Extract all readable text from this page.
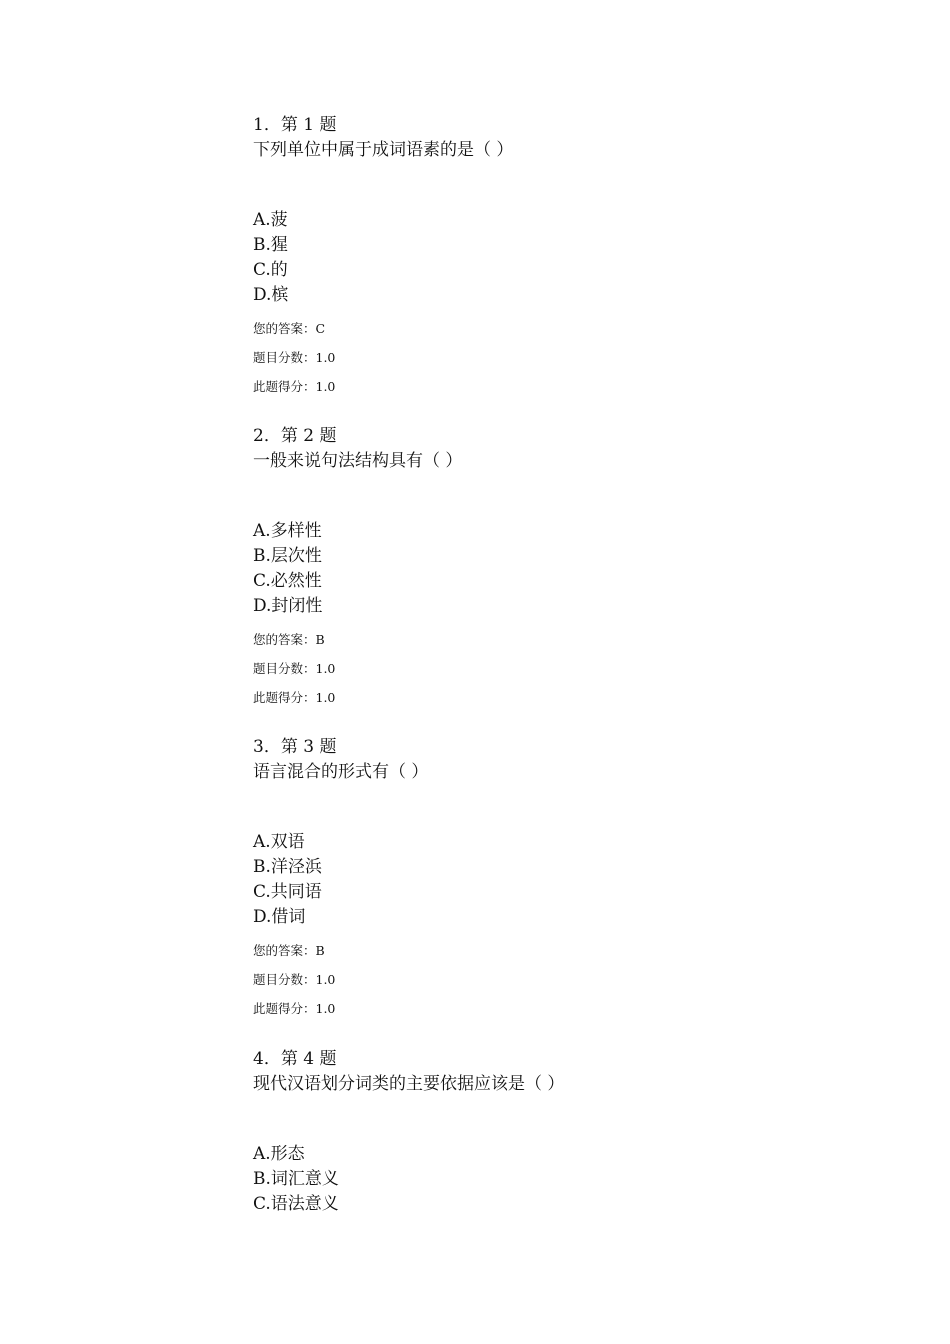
1．第 1 题
下列单位中属于成词语素的是（ ）
A.菠
B.猩
C.的
D.槟
您的答案：C
题目分数：1.0
此题得分：1.0
2．第 2 题
一般来说句法结构具有（ ）
A.多样性
B.层次性
C.必然性
D.封闭性
您的答案：B
题目分数：1.0
此题得分：1.0
3．第 3 题
语言混合的形式有（ ）
A.双语
B.洋泾浜
C.共同语
D.借词
您的答案：B
题目分数：1.0
此题得分：1.0
4．第 4 题
现代汉语划分词类的主要依据应该是（ ）
A.形态
B.词汇意义
C.语法意义
